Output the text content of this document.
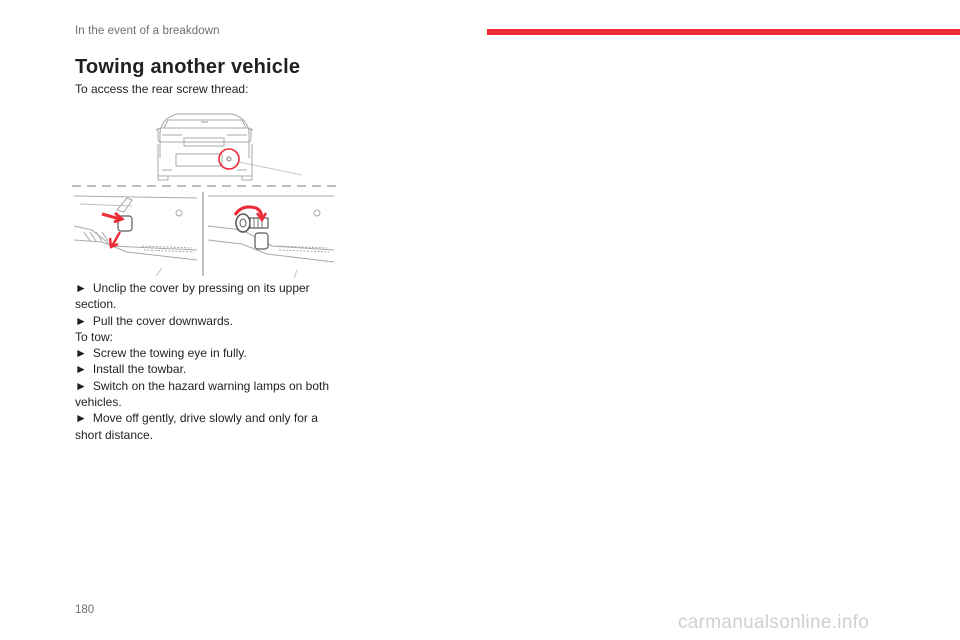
In the event of a breakdown
Towing another vehicle

To access the rear screw thread:

► Unclip the cover by pressing on its upper section.

► Pull the cover downwards.

To tow:

► Screw the towing eye in fully.

► Install the towbar.

► Switch on the hazard warning lamps on both vehicles.

► Move off gently, drive slowly and only for a short distance.

180
carmanualsonline.info
